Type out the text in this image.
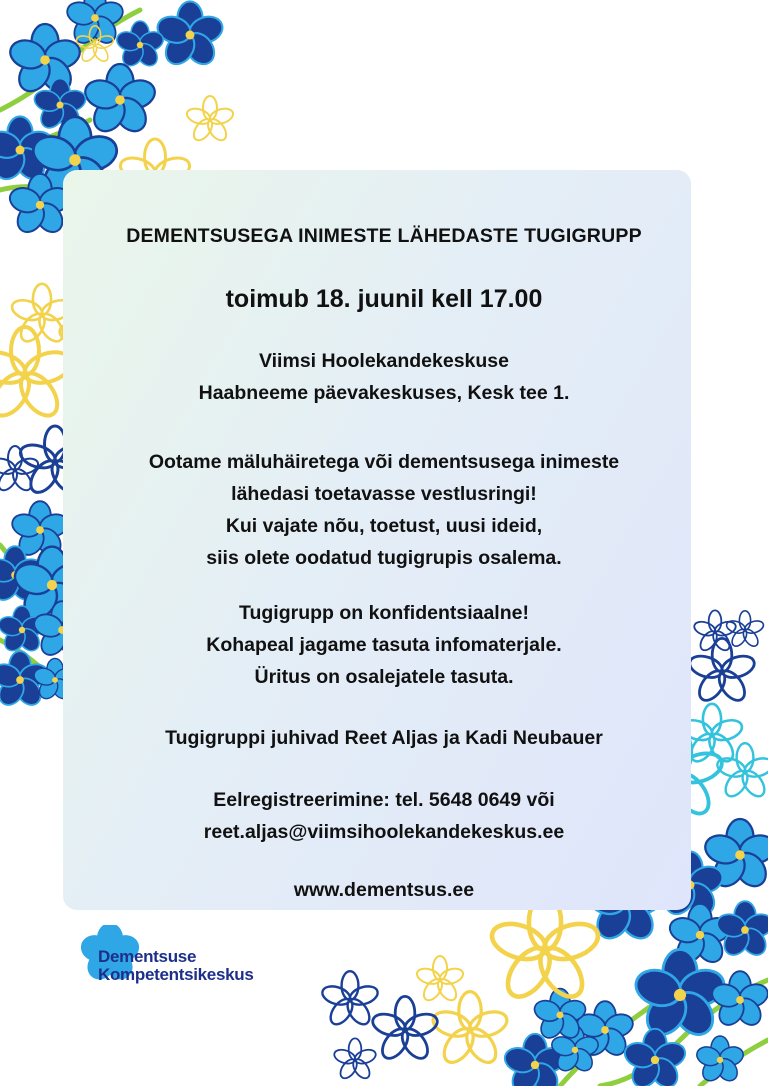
DEMENTSUSEGA INIMESTE LÄHEDASTE TUGIGRUPP
toimub 18. juunil kell 17.00
Viimsi Hoolekandekeskuse
Haabneeme päevakeskuses, Kesk tee 1.
Ootame mäluhäiretega või dementsusega inimeste
lähedasi toetavasse vestlusringi!
Kui vajate nõu, toetust, uusi ideid,
siis olete oodatud tugigrupis osalema.
Tugigrupp on konfidentsiaalne!
Kohapeal jagame tasuta infomaterjale.
Üritus on osalejatele tasuta.
Tugigruppi juhivad Reet Aljas ja Kadi Neubauer
Eelregistreerimine: tel. 5648 0649 või
reet.aljas@viimsihoolekandekeskus.ee
www.dementsus.ee
Dementsuse
Kompetentsikeskus
